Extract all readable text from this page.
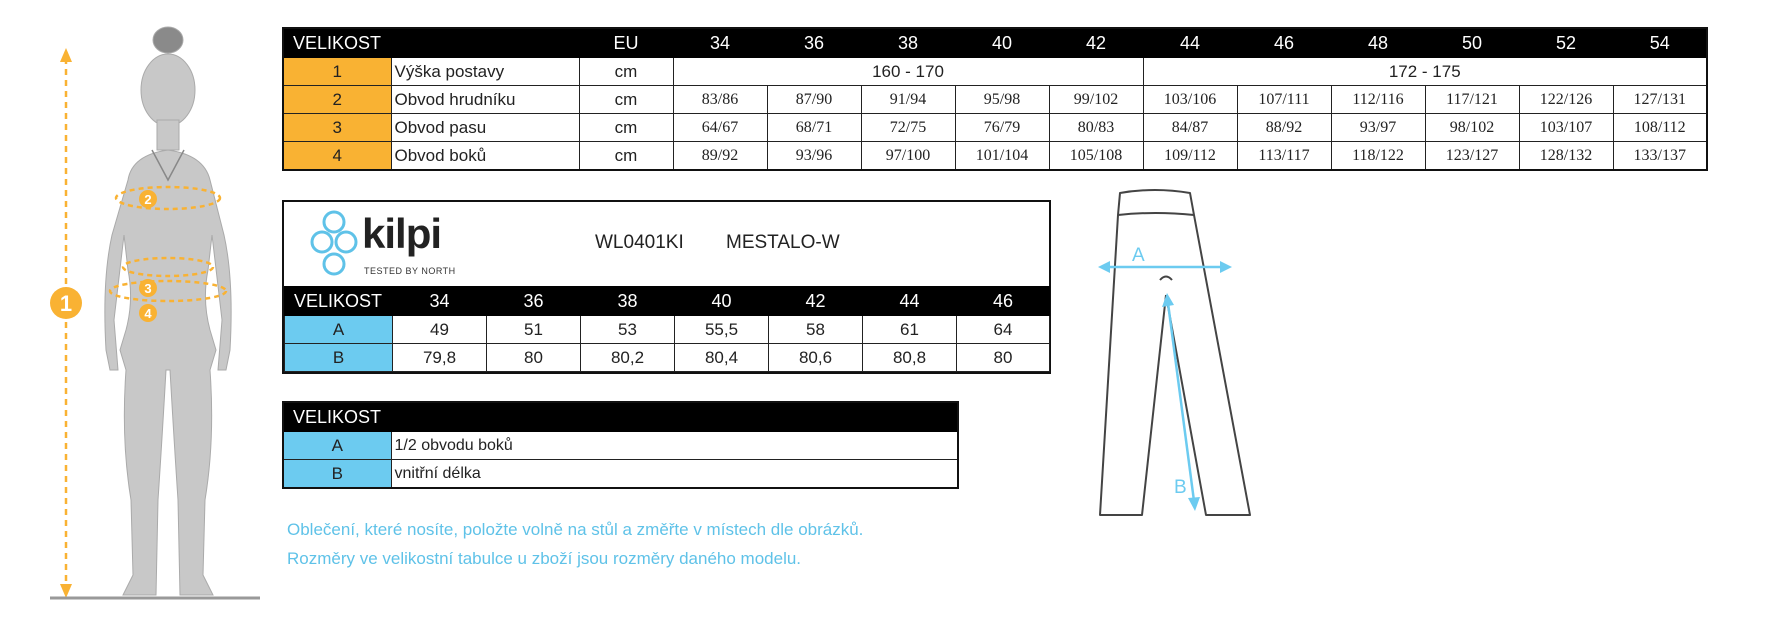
1
2
3
4
VELIKOST		EU	34	36	38	40	42	44	46	48	50	52	54
1	Výška postavy	cm	160 - 170					172 - 175					
2	Obvod hrudníku	cm	83/86	87/90	91/94	95/98	99/102	103/106	107/111	112/116	117/121	122/126	127/131
3	Obvod pasu	cm	64/67	68/71	72/75	76/79	80/83	84/87	88/92	93/97	98/102	103/107	108/112
4	Obvod boků	cm	89/92	93/96	97/100	101/104	105/108	109/112	113/117	118/122	123/127	128/132	133/137
kilpi
TESTED BY NORTH
WL0401KI MESTALO-W
VELIKOST	34	36	38	40	42	44	46
A	49	51	53	55,5	58	61	64
B	79,8	80	80,2	80,4	80,6	80,8	80
VELIKOST	
A	1/2 obvodu boků
B	vnitřní délka
Oblečení, které nosíte, položte volně na stůl a změřte v místech dle obrázků.
Rozměry ve velikostní tabulce u zboží jsou rozměry daného modelu.
A
B
